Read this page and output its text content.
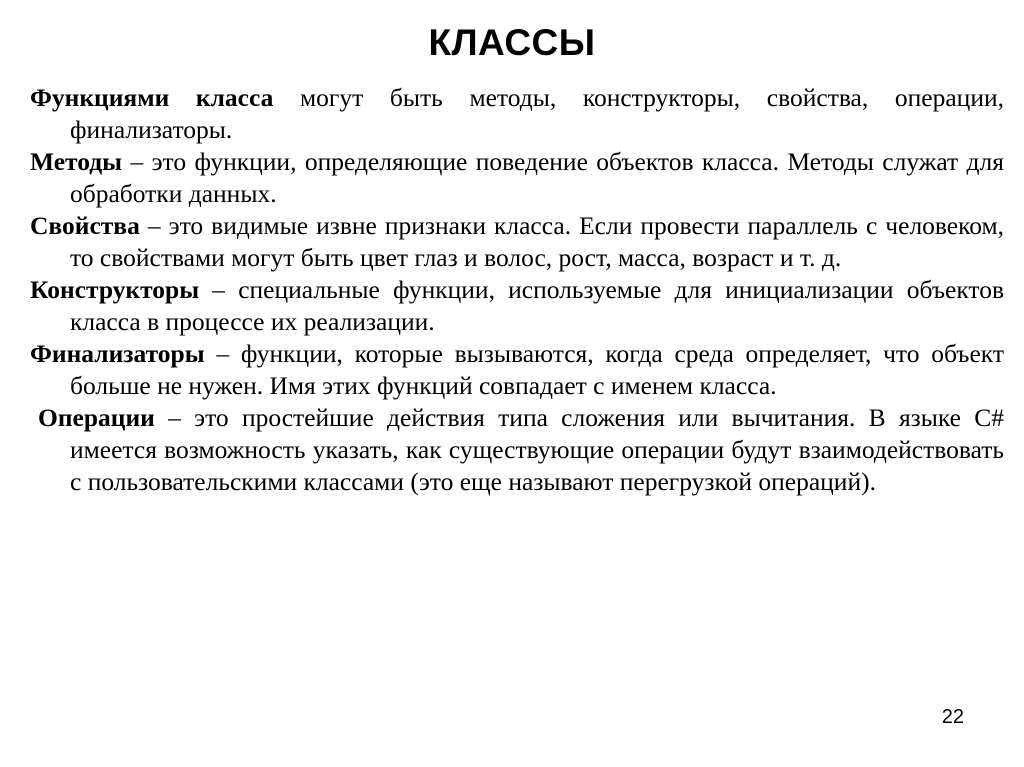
КЛАССЫ

Функциями класса могут быть методы, конструкторы, свойства, операции, финализаторы.

Методы – это функции, определяющие поведение объектов класса. Методы служат для обработки данных.

Свойства – это видимые извне признаки класса. Если провести параллель с человеком, то свойствами могут быть цвет глаз и волос, рост, масса, возраст и т. д.

Конструкторы – специальные функции, используемые для инициализации объектов класса в процессе их реализации.

Финализаторы – функции, которые вызываются, когда среда определяет, что объект больше не нужен. Имя этих функций совпадает с именем класса.

Операции – это простейшие действия типа сложения или вычитания. В языке C# имеется возможность указать, как существующие операции будут взаимодействовать с пользовательскими классами (это еще называют перегрузкой операций).

22
